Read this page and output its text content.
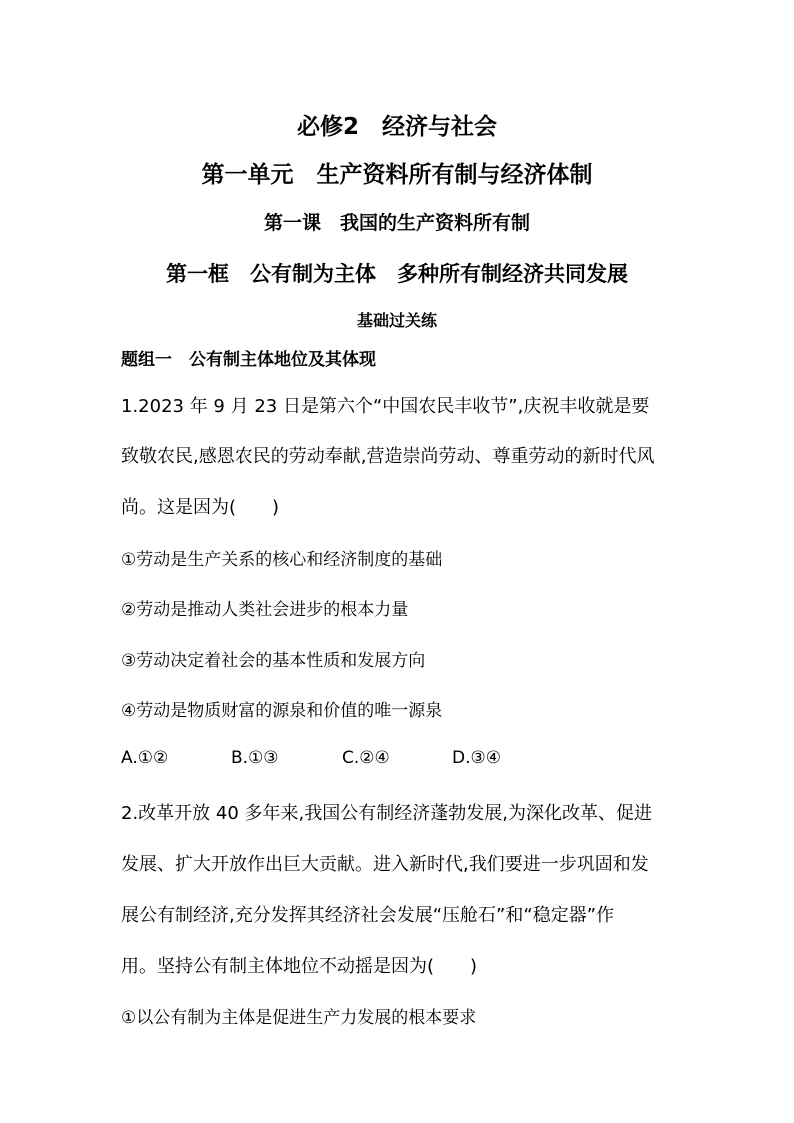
必修2　经济与社会
第一单元　生产资料所有制与经济体制
第一课　我国的生产资料所有制
第一框　公有制为主体　多种所有制经济共同发展
基础过关练
题组一　公有制主体地位及其体现
1.2023 年 9 月 23 日是第六个“中国农民丰收节”,庆祝丰收就是要
致敬农民,感恩农民的劳动奉献,营造崇尚劳动、尊重劳动的新时代风
尚。这是因为(　　)
①劳动是生产关系的核心和经济制度的基础
②劳动是推动人类社会进步的根本力量
③劳动决定着社会的基本性质和发展方向
④劳动是物质财富的源泉和价值的唯一源泉
A.①②	B.①③	C.②④	D.③④
2.改革开放 40 多年来,我国公有制经济蓬勃发展,为深化改革、促进
发展、扩大开放作出巨大贡献。进入新时代,我们要进一步巩固和发
展公有制经济,充分发挥其经济社会发展“压舱石”和“稳定器”作
用。坚持公有制主体地位不动摇是因为(　　)
①以公有制为主体是促进生产力发展的根本要求
